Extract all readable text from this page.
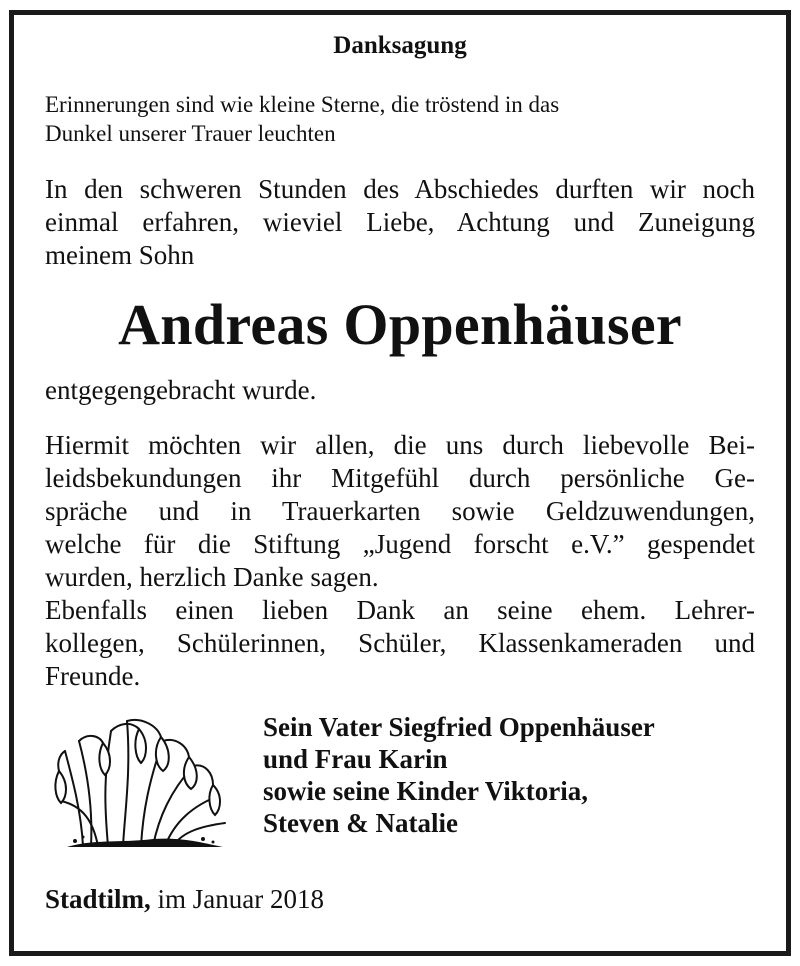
Danksagung

Erinnerungen sind wie kleine Sterne, die tröstend in das
Dunkel unserer Trauer leuchten
In den schweren Stunden des Abschiedes durften wir noch
einmal erfahren, wieviel Liebe, Achtung und Zuneigung
meinem Sohn

Andreas Oppenhäuser

entgegengebracht wurde.

Hiermit möchten wir allen, die uns durch liebevolle Bei-
leidsbekundungen ihr Mitgefühl durch persönliche Ge-
spräche und in Trauerkarten sowie Geldzuwendungen,
welche für die Stiftung „Jugend forscht e.V.” gespendet
wurden, herzlich Danke sagen.
Ebenfalls einen lieben Dank an seine ehem. Lehrer-
kollegen, Schülerinnen, Schüler, Klassenkameraden und
Freunde.
Sein Vater Siegfried Oppenhäuser
und Frau Karin
sowie seine Kinder Viktoria,
Steven & Natalie

Stadtilm, im Januar 2018
